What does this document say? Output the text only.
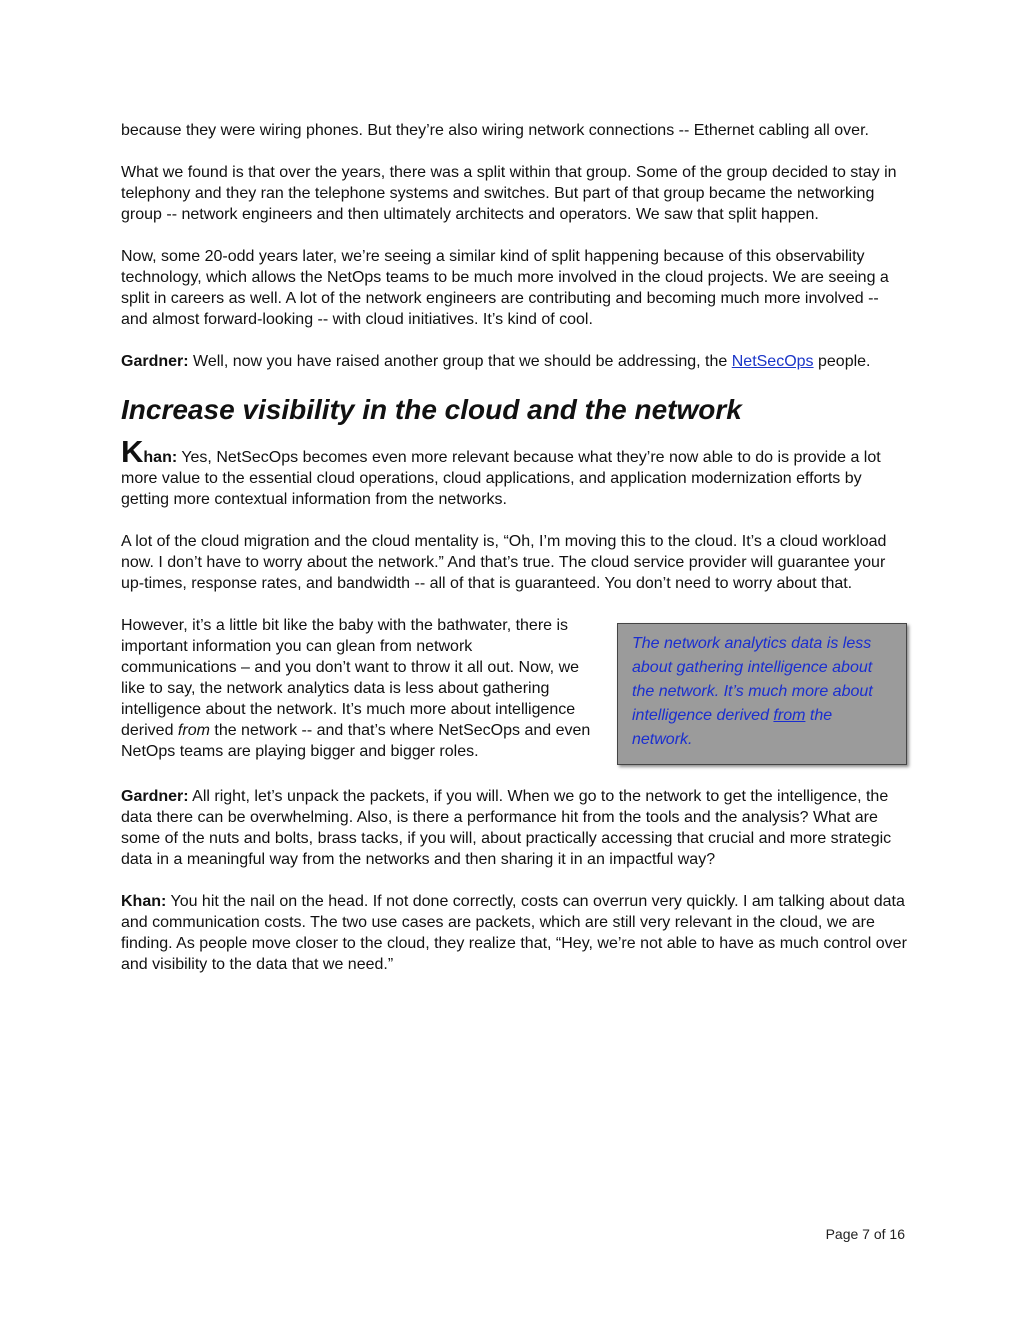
because they were wiring phones. But they’re also wiring network connections -- Ethernet cabling all over.

What we found is that over the years, there was a split within that group. Some of the group decided to stay in telephony and they ran the telephone systems and switches. But part of that group became the networking group -- network engineers and then ultimately architects and operators. We saw that split happen.

Now, some 20-odd years later, we’re seeing a similar kind of split happening because of this observability technology, which allows the NetOps teams to be much more involved in the cloud projects. We are seeing a split in careers as well. A lot of the network engineers are contributing and becoming much more involved -- and almost forward-looking -- with cloud initiatives. It’s kind of cool.

Gardner: Well, now you have raised another group that we should be addressing, the NetSecOps people.

Increase visibility in the cloud and the network

Khan: Yes, NetSecOps becomes even more relevant because what they’re now able to do is provide a lot more value to the essential cloud operations, cloud applications, and application modernization efforts by getting more contextual information from the networks.

A lot of the cloud migration and the cloud mentality is, “Oh, I’m moving this to the cloud. It’s a cloud workload now. I don’t have to worry about the network.” And that’s true. The cloud service provider will guarantee your up-times, response rates, and bandwidth -- all of that is guaranteed. You don’t need to worry about that.

However, it’s a little bit like the baby with the bathwater, there is important information you can glean from network communications – and you don’t want to throw it all out. Now, we like to say, the network analytics data is less about gathering intelligence about the network. It’s much more about intelligence derived from the network -- and that’s where NetSecOps and even NetOps teams are playing bigger and bigger roles.

The network analytics data is less about gathering intelligence about the network. It’s much more about intelligence derived from the network.

Gardner: All right, let’s unpack the packets, if you will. When we go to the network to get the intelligence, the data there can be overwhelming. Also, is there a performance hit from the tools and the analysis? What are some of the nuts and bolts, brass tacks, if you will, about practically accessing that crucial and more strategic data in a meaningful way from the networks and then sharing it in an impactful way?

Khan: You hit the nail on the head. If not done correctly, costs can overrun very quickly. I am talking about data and communication costs. The two use cases are packets, which are still very relevant in the cloud, we are finding. As people move closer to the cloud, they realize that, “Hey, we’re not able to have as much control over and visibility to the data that we need.”

Page 7 of 16
